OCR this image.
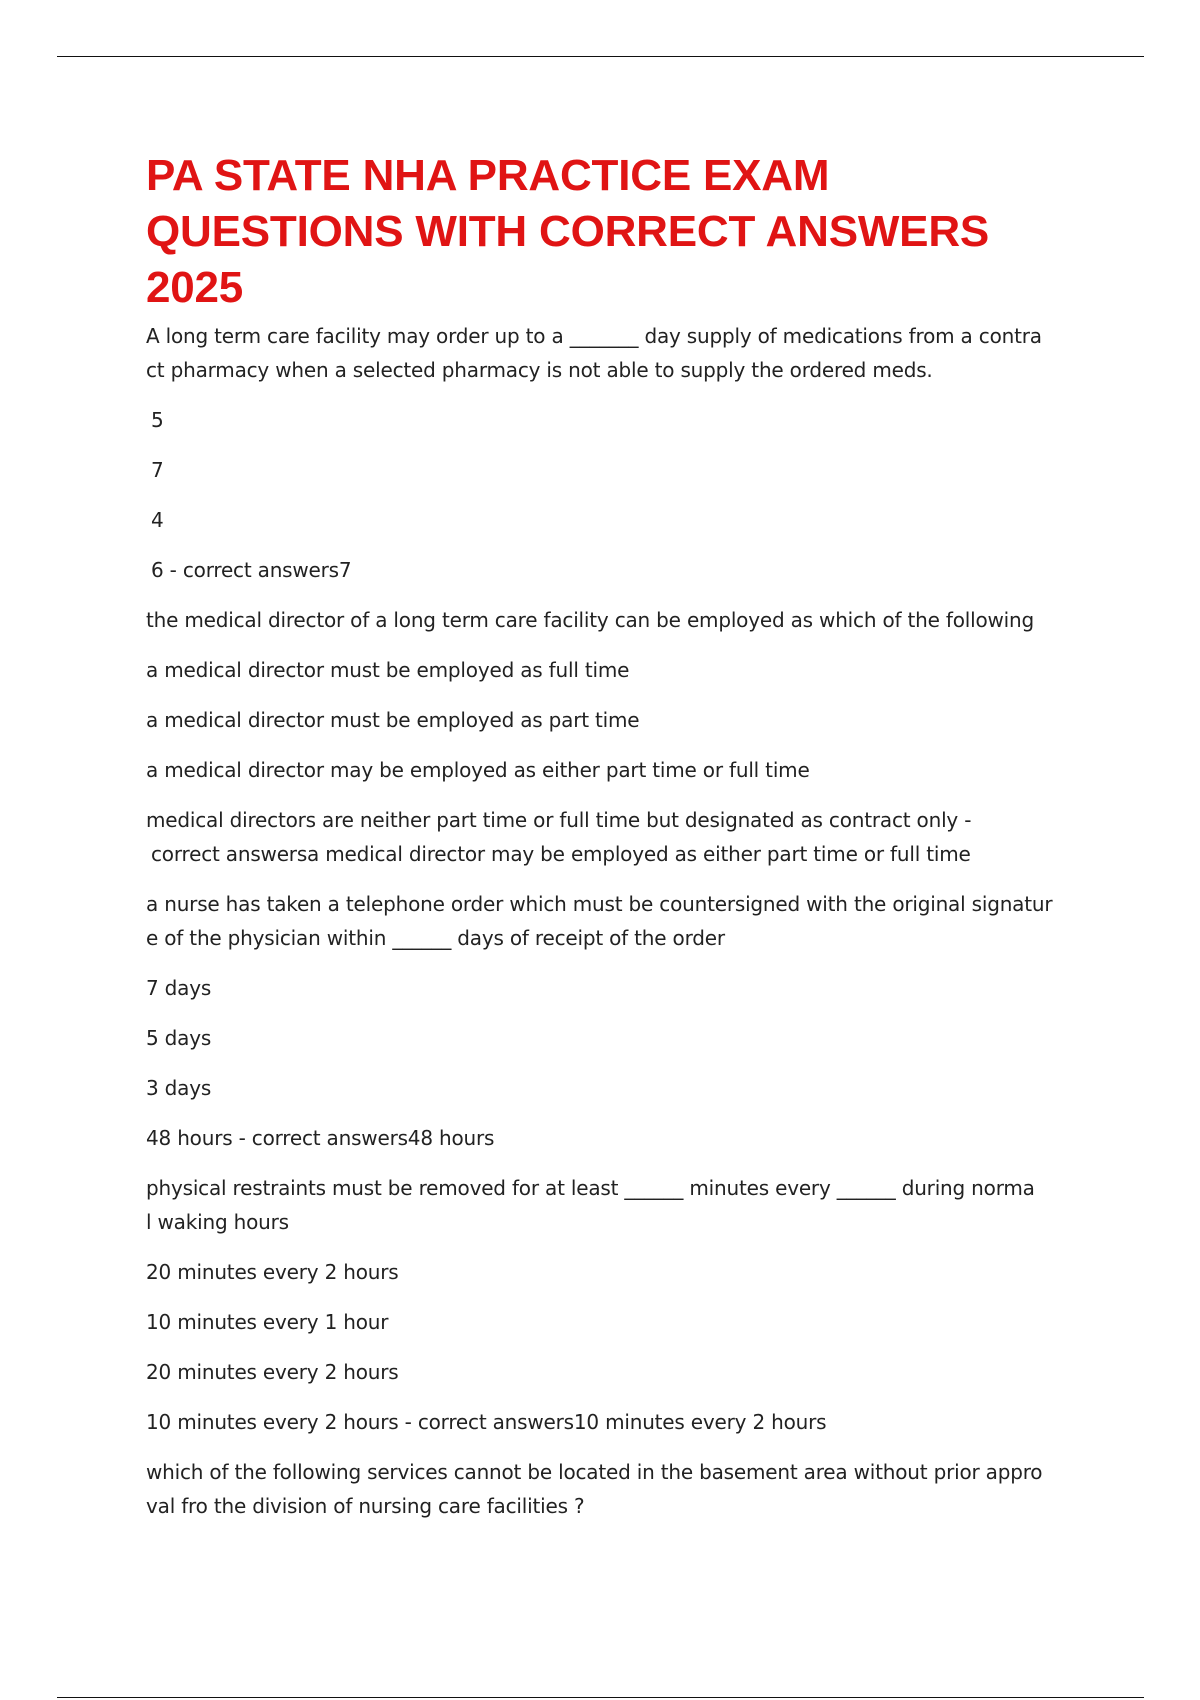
PA STATE NHA PRACTICE EXAM QUESTIONS WITH CORRECT ANSWERS 2025

A long term care facility may order up to a _______ day supply of medications from a contra

ct pharmacy when a selected pharmacy is not able to supply the ordered meds.

5

7

4

6 - correct answers7

the medical director of a long term care facility can be employed as which of the following

a medical director must be employed as full time

a medical director must be employed as part time

a medical director may be employed as either part time or full time

medical directors are neither part time or full time but designated as contract only -

correct answersa medical director may be employed as either part time or full time

a nurse has taken a telephone order which must be countersigned with the original signatur

e of the physician within ______ days of receipt of the order

7 days

5 days

3 days

48 hours - correct answers48 hours

physical restraints must be removed for at least ______ minutes every ______ during norma

l waking hours

20 minutes every 2 hours

10 minutes every 1 hour

20 minutes every 2 hours

10 minutes every 2 hours - correct answers10 minutes every 2 hours

which of the following services cannot be located in the basement area without prior appro

val fro the division of nursing care facilities ?
